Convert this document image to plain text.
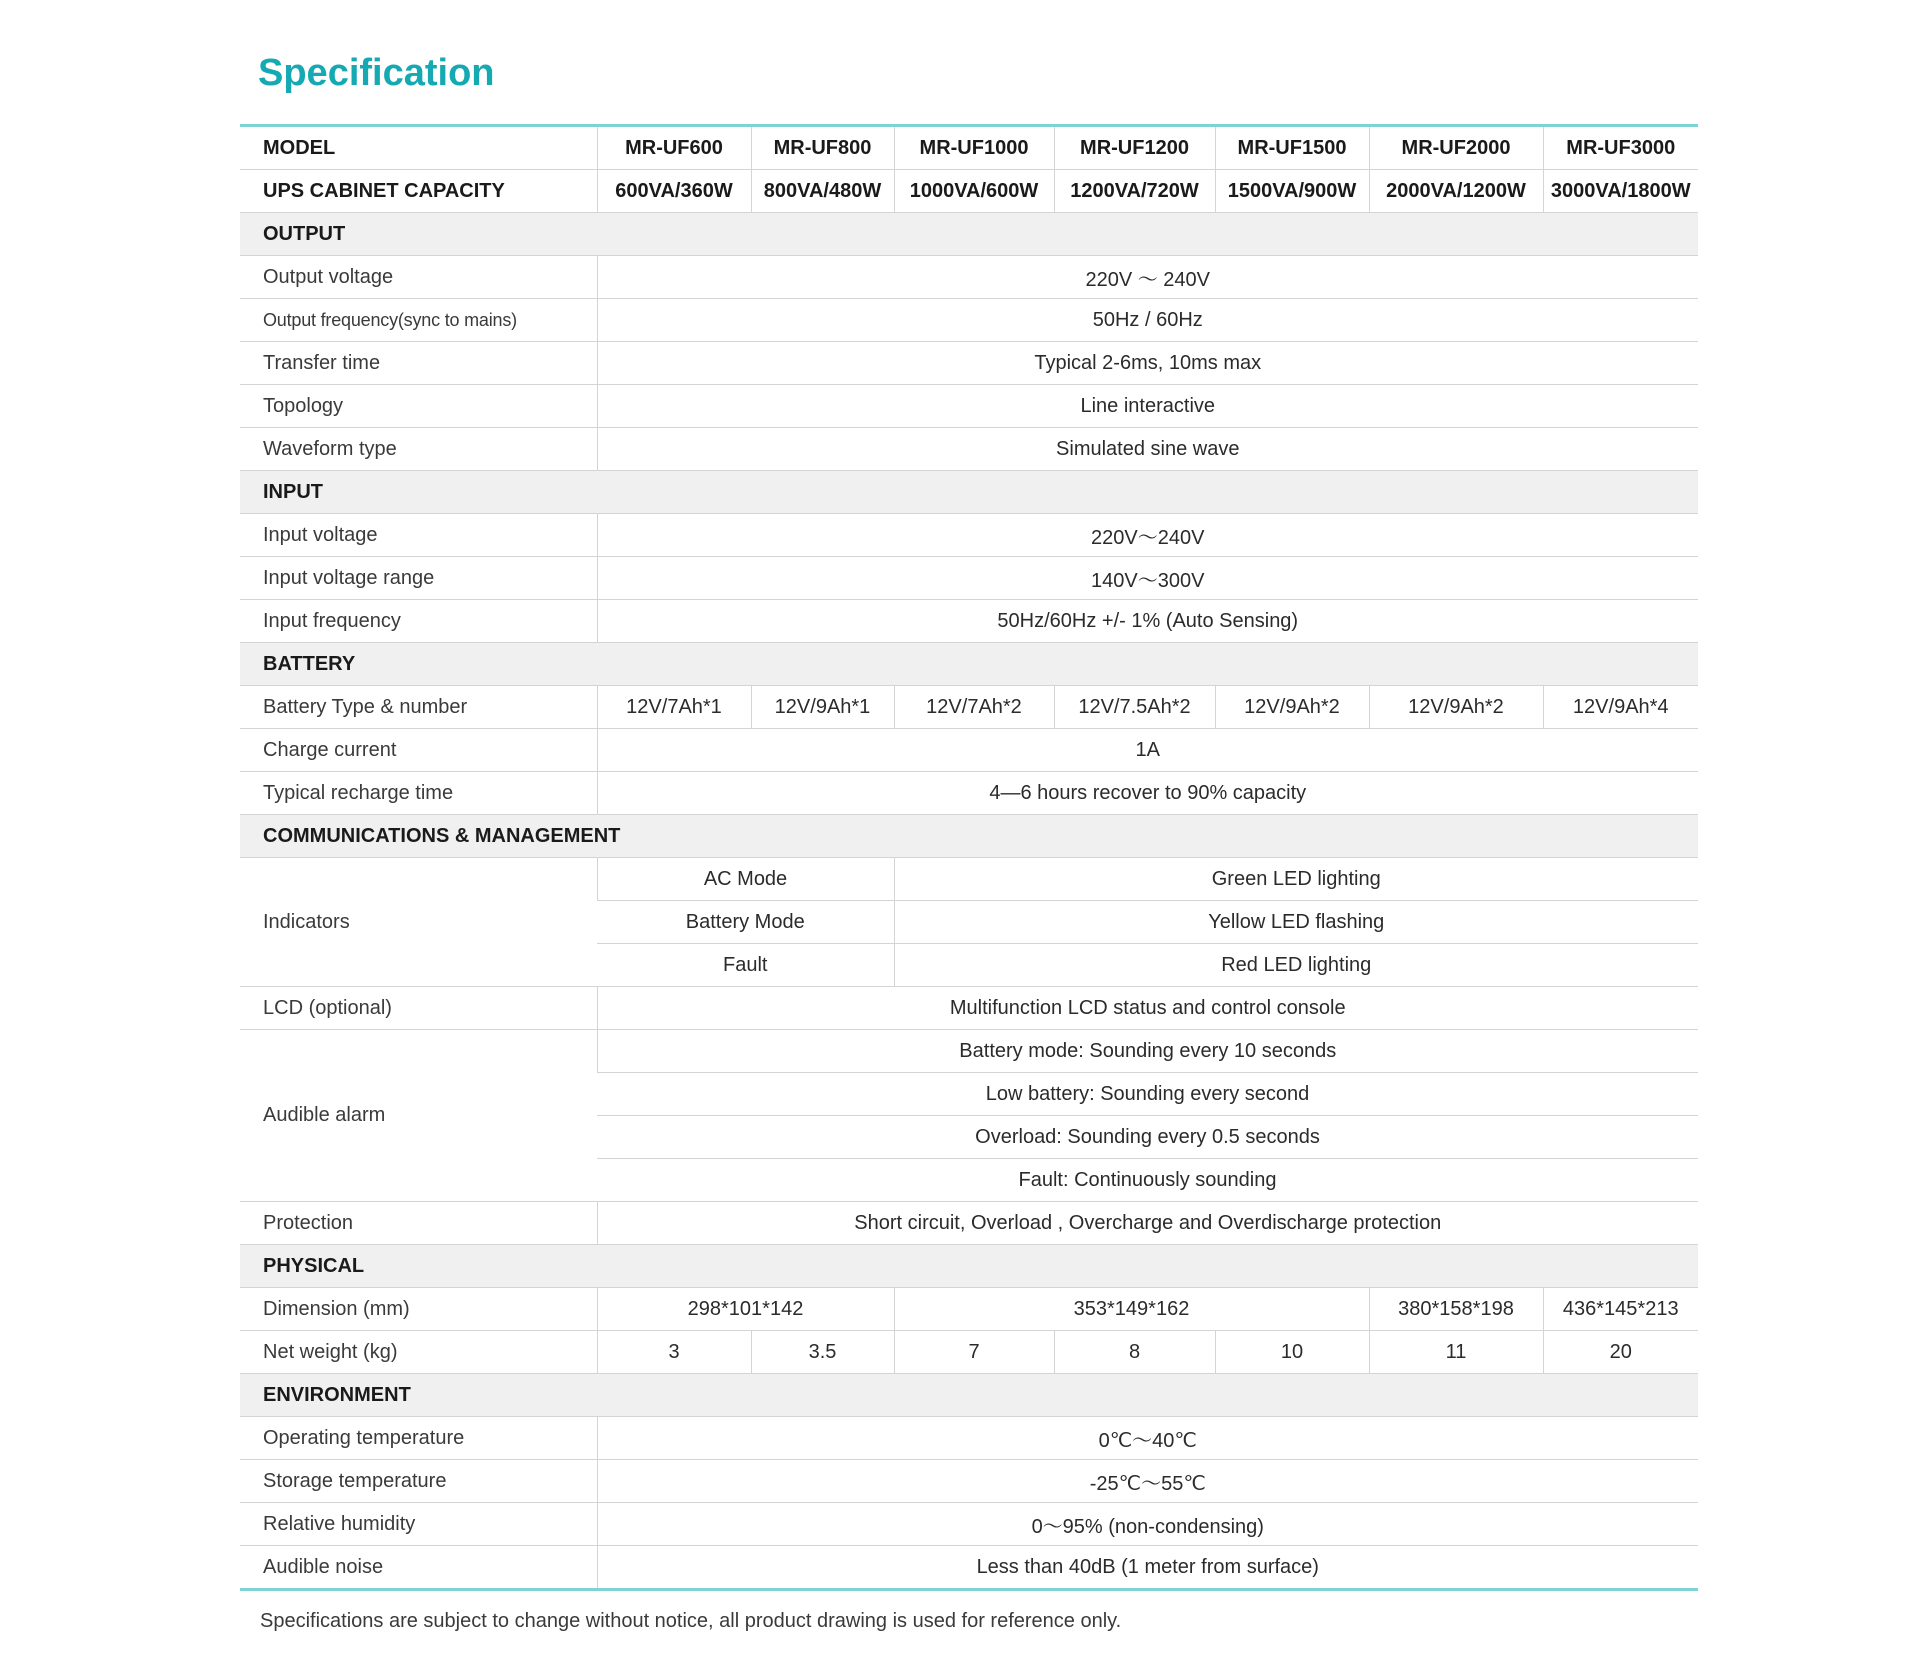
Specification
MODEL	MR-UF600	MR-UF800	MR-UF1000	MR-UF1200	MR-UF1500	MR-UF2000	MR-UF3000
UPS CABINET CAPACITY	600VA/360W	800VA/480W	1000VA/600W	1200VA/720W	1500VA/900W	2000VA/1200W	3000VA/1800W
OUTPUT							
Output voltage	220V ～ 240V						
Output frequency(sync to mains)	50Hz / 60Hz						
Transfer time	Typical 2-6ms, 10ms max						
Topology	Line interactive						
Waveform type	Simulated sine wave						
INPUT							
Input voltage	220V～240V						
Input voltage range	140V～300V						
Input frequency	50Hz/60Hz +/- 1% (Auto Sensing)						
BATTERY							
Battery Type & number	12V/7Ah*1	12V/9Ah*1	12V/7Ah*2	12V/7.5Ah*2	12V/9Ah*2	12V/9Ah*2	12V/9Ah*4
Charge current	1A						
Typical recharge time	4—6 hours recover to 90% capacity						
COMMUNICATIONS & MANAGEMENT							
Indicators	AC Mode		Green LED lighting				
	Battery Mode		Yellow LED flashing				
	Fault		Red LED lighting				
LCD (optional)	Multifunction LCD status and control console						
Audible alarm	Battery mode: Sounding every 10 seconds						
	Low battery: Sounding every second						
	Overload: Sounding every 0.5 seconds						
	Fault: Continuously sounding						
Protection	Short circuit, Overload , Overcharge and Overdischarge protection						
PHYSICAL							
Dimension (mm)	298*101*142		353*149*162			380*158*198	436*145*213
Net weight (kg)	3	3.5	7	8	10	11	20
ENVIRONMENT							
Operating temperature	0℃～40℃						
Storage temperature	-25℃～55℃						
Relative humidity	0～95% (non-condensing)						
Audible noise	Less than 40dB (1 meter from surface)						
Specifications are subject to change without notice, all product drawing is used for reference only.
